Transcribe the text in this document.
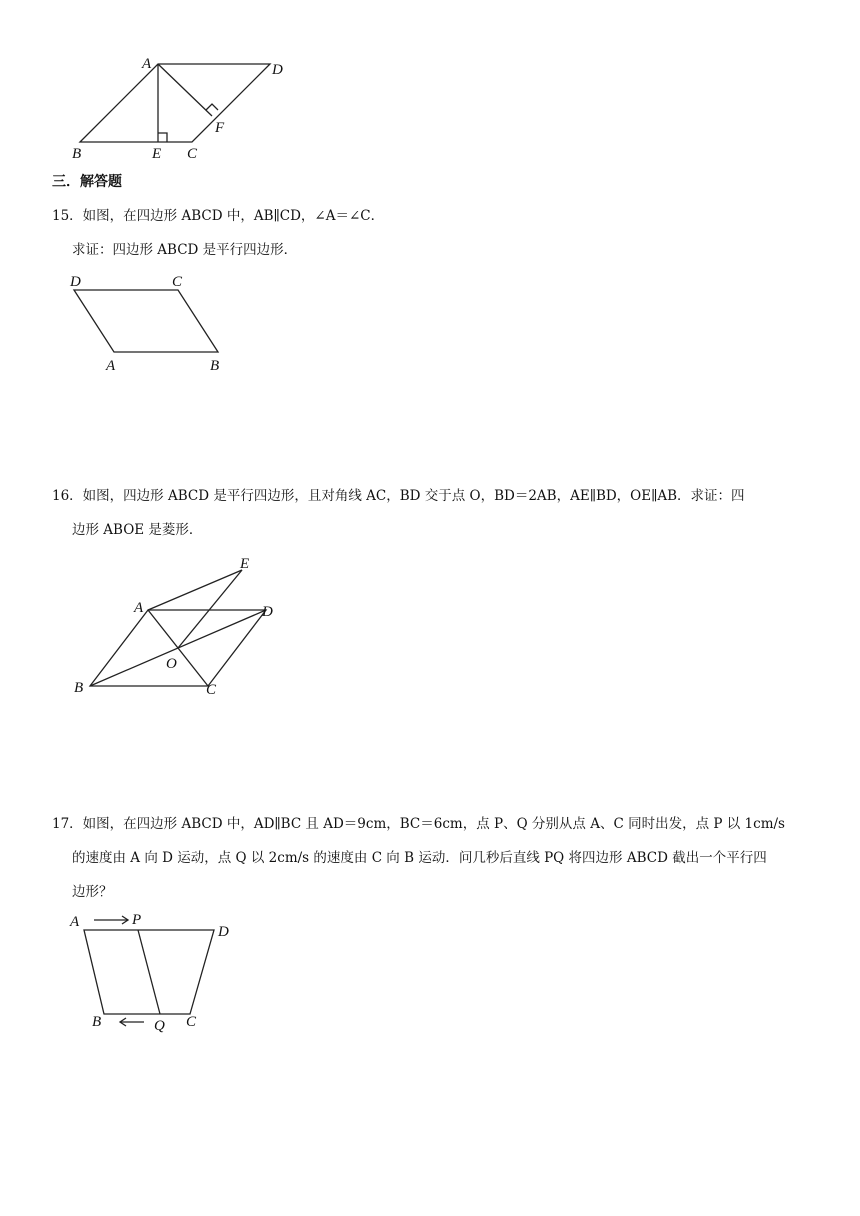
A	D
F
B	E C
三．解答题
15．如图，在四边形 ABCD 中，AB∥CD，∠A＝∠C．
求证：四边形 ABCD 是平行四边形．
D	C
A	B
16．如图，四边形 ABCD 是平行四边形，且对角线 AC，BD 交于点 O，BD＝2AB，AE∥BD，OE∥AB．求证：四
边形 ABOE 是菱形．
E
A	D
O
B	C
17．如图，在四边形 ABCD 中，AD∥BC 且 AD＝9cm，BC＝6cm，点 P、Q 分别从点 A、C 同时出发，点 P 以 1cm/s
的速度由 A 向 D 运动，点 Q 以 2cm/s 的速度由 C 向 B 运动．问几秒后直线 PQ 将四边形 ABCD 截出一个平行四
边形？
A	P
D
B	Q C
